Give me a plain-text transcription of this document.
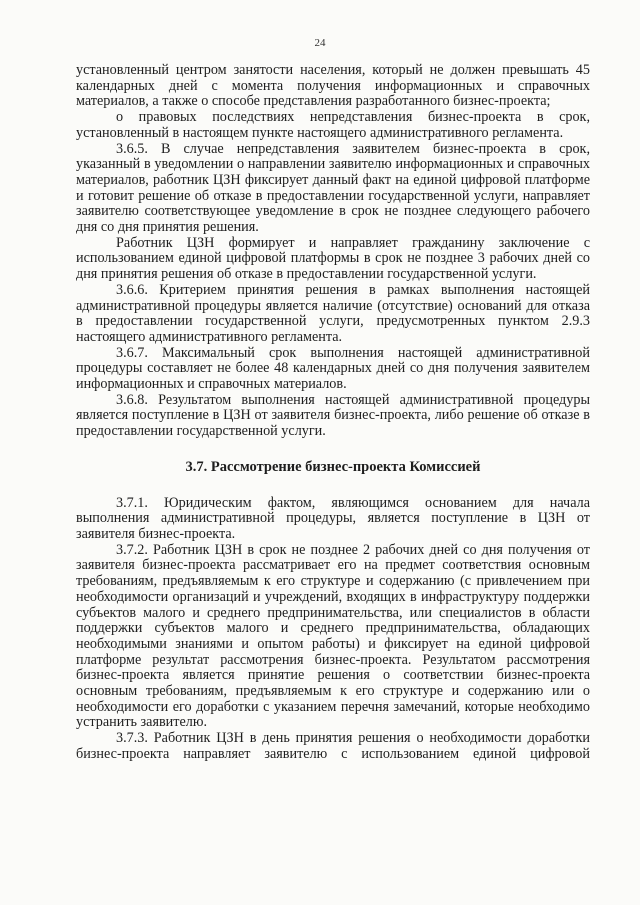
24

установленный центром занятости населения, который не должен превышать 45 календарных дней с момента получения информационных и справочных материалов, а также о способе представления разработанного бизнес-проекта;

о правовых последствиях непредставления бизнес-проекта в срок, установленный в настоящем пункте настоящего административного регламента.

3.6.5. В случае непредставления заявителем бизнес-проекта в срок, указанный в уведомлении о направлении заявителю информационных и справочных материалов, работник ЦЗН фиксирует данный факт на единой цифровой платформе и готовит решение об отказе в предоставлении государственной услуги, направляет заявителю соответствующее уведомление в срок не позднее следующего рабочего дня со дня принятия решения.

Работник ЦЗН формирует и направляет гражданину заключение с использованием единой цифровой платформы в срок не позднее 3 рабочих дней со дня принятия решения об отказе в предоставлении государственной услуги.

3.6.6. Критерием принятия решения в рамках выполнения настоящей административной процедуры является наличие (отсутствие) оснований для отказа в предоставлении государственной услуги, предусмотренных пунктом 2.9.3 настоящего административного регламента.

3.6.7. Максимальный срок выполнения настоящей административной процедуры составляет не более 48 календарных дней со дня получения заявителем информационных и справочных материалов.

3.6.8. Результатом выполнения настоящей административной процедуры является поступление в ЦЗН от заявителя бизнес-проекта, либо решение об отказе в предоставлении государственной услуги.

3.7. Рассмотрение бизнес-проекта Комиссией

3.7.1. Юридическим фактом, являющимся основанием для начала выполнения административной процедуры, является поступление в ЦЗН от заявителя бизнес-проекта.

3.7.2. Работник ЦЗН в срок не позднее 2 рабочих дней со дня получения от заявителя бизнес-проекта рассматривает его на предмет соответствия основным требованиям, предъявляемым к его структуре и содержанию (с привлечением при необходимости организаций и учреждений, входящих в инфраструктуру поддержки субъектов малого и среднего предпринимательства, или специалистов в области поддержки субъектов малого и среднего предпринимательства, обладающих необходимыми знаниями и опытом работы) и фиксирует на единой цифровой платформе результат рассмотрения бизнес-проекта. Результатом рассмотрения бизнес-проекта является принятие решения о соответствии бизнес-проекта основным требованиям, предъявляемым к его структуре и содержанию или о необходимости его доработки с указанием перечня замечаний, которые необходимо устранить заявителю.

3.7.3. Работник ЦЗН в день принятия решения о необходимости доработки бизнес-проекта направляет заявителю с использованием единой цифровой
